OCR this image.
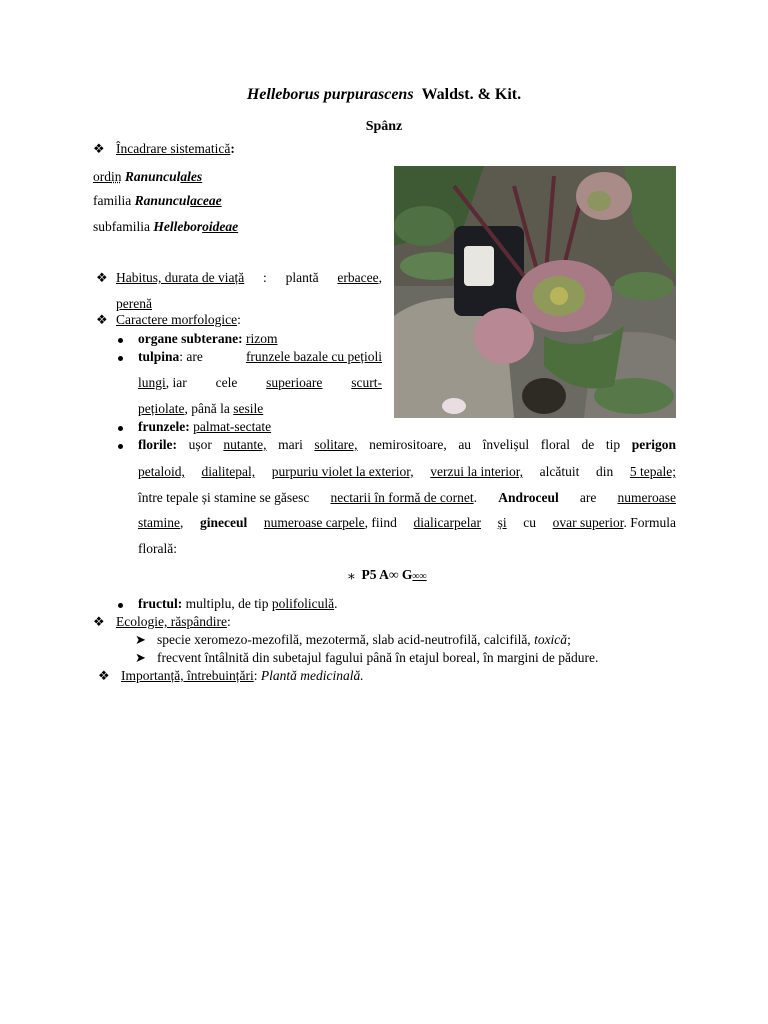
Helleborus purpurascens Waldst. & Kit.
Spânz
❖ Încadrare sistematică:
ordin Ranunculales
familia Ranunculaceae
subfamilia Helleboroideae
❖ Habitus, durata de viață : plantă erbacee,
perenă
❖ Caractere morfologice:
organe subterane: rizom
tulpina: are	frunzele bazale cu pețioli
lungi, iar cele superioare scurt-
pețiolate, până la sesile
frunzele: palmat-sectate
florile: ușor nutante, mari solitare, nemirositoare, au învelișul floral de tip perigon
petaloid, dialitepal, purpuriu violet la exterior, verzui la interior, alcătuit din 5 tepale;
între tepale și stamine se găsesc nectarii în formă de cornet. Androceul are numeroase
stamine, gineceul numeroase carpele, fiind dialicarpelar și cu ovar superior. Formula
florală:
⁎ P5 A∞ G∞∞
fructul: multiplu, de tip polifoliculă.
❖ Ecologie, răspândire:
➤ specie xeromezo-mezofilă, mezotermă, slab acid-neutrofilă, calcifilă, toxică;
➤ frecvent întâlnită din subetajul fagului până în etajul boreal, în margini de pădure.
❖ Importanță, întrebuințări: Plantă medicinală.
